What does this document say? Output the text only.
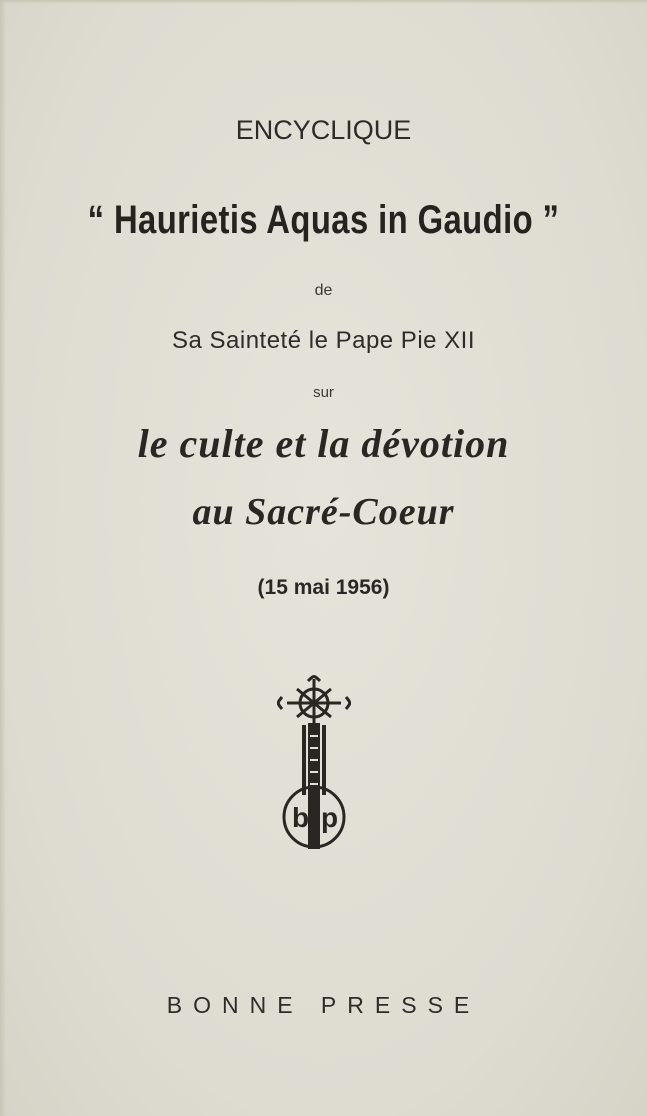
ENCYCLIQUE
“ Haurietis Aquas in Gaudio ”
de
Sa Sainteté le Pape Pie XII
sur
le culte et la dévotion
au Sacré-Coeur
(15 mai 1956)
b p
BONNE PRESSE
